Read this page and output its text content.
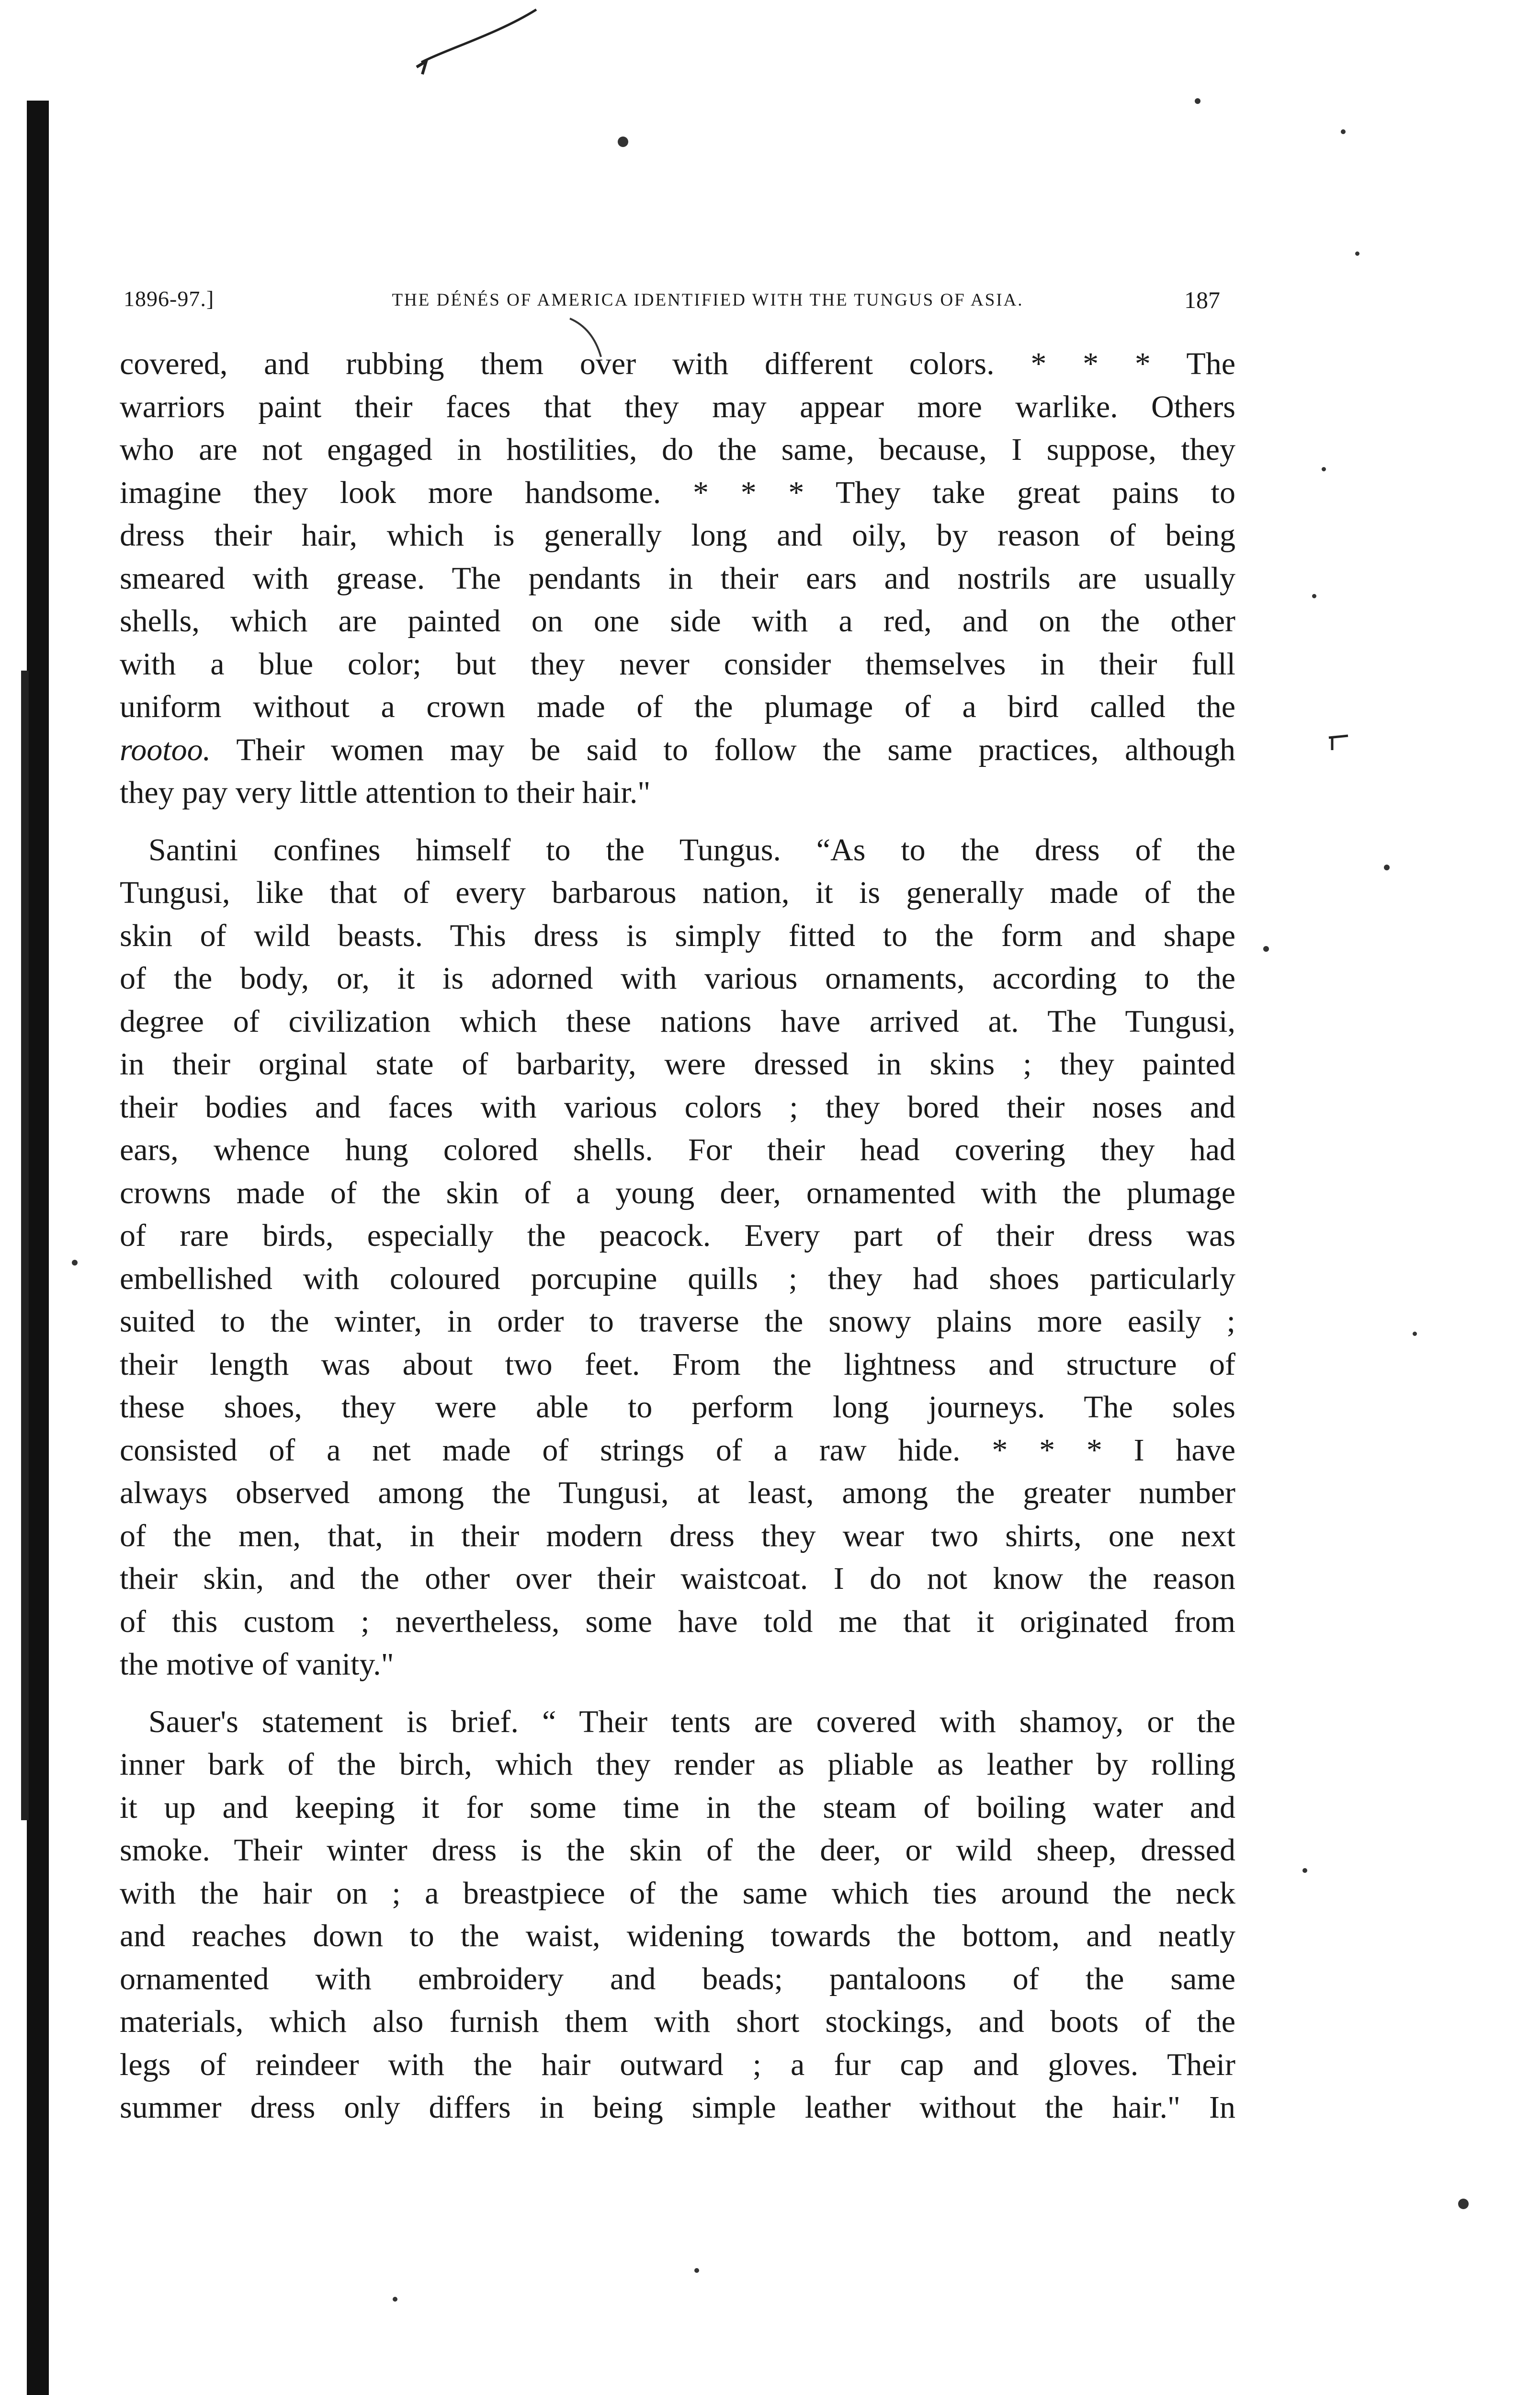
1896-97.]	THE DÉNÉS OF AMERICA IDENTIFIED WITH THE TUNGUS OF ASIA.	187

covered, and rubbing them over with different colors. * * * The
warriors paint their faces that they may appear more warlike. Others
who are not engaged in hostilities, do the same, because, I suppose, they
imagine they look more handsome. * * * They take great pains to
dress their hair, which is generally long and oily, by reason of being
smeared with grease. The pendants in their ears and nostrils are usually
shells, which are painted on one side with a red, and on the other
with a blue color; but they never consider themselves in their full
uniform without a crown made of the plumage of a bird called the
rootoo. Their women may be said to follow the same practices, although
they pay very little attention to their hair."

Santini confines himself to the Tungus. “As to the dress of the
Tungusi, like that of every barbarous nation, it is generally made of the
skin of wild beasts. This dress is simply fitted to the form and shape
of the body, or, it is adorned with various ornaments, according to the
degree of civilization which these nations have arrived at. The Tungusi,
in their orginal state of barbarity, were dressed in skins ; they painted
their bodies and faces with various colors ; they bored their noses and
ears, whence hung colored shells. For their head covering they had
crowns made of the skin of a young deer, ornamented with the plumage
of rare birds, especially the peacock. Every part of their dress was
embellished with coloured porcupine quills ; they had shoes particularly
suited to the winter, in order to traverse the snowy plains more easily ;
their length was about two feet. From the lightness and structure of
these shoes, they were able to perform long journeys. The soles
consisted of a net made of strings of a raw hide. * * * I have
always observed among the Tungusi, at least, among the greater number
of the men, that, in their modern dress they wear two shirts, one next
their skin, and the other over their waistcoat. I do not know the reason
of this custom ; nevertheless, some have told me that it originated from
the motive of vanity."

Sauer's statement is brief. “ Their tents are covered with shamoy, or the
inner bark of the birch, which they render as pliable as leather by rolling
it up and keeping it for some time in the steam of boiling water and
smoke. Their winter dress is the skin of the deer, or wild sheep, dressed
with the hair on ; a breastpiece of the same which ties around the neck
and reaches down to the waist, widening towards the bottom, and neatly
ornamented with embroidery and beads; pantaloons of the same
materials, which also furnish them with short stockings, and boots of the
legs of reindeer with the hair outward ; a fur cap and gloves. Their
summer dress only differs in being simple leather without the hair." In
